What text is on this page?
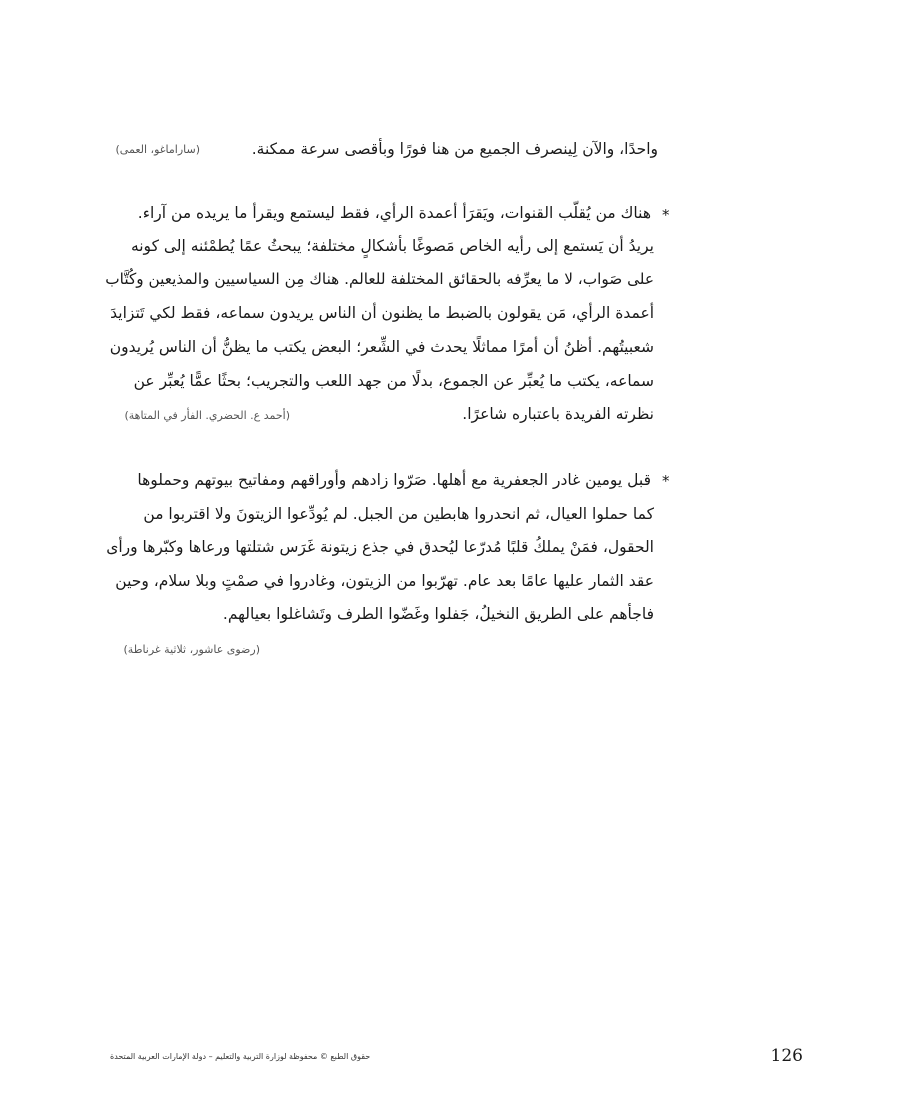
واحدًا، والآن لِينصرف الجميع من هنا فورًا وبأقصى سرعة ممكنة.
(ساراماغو، العمى)
*
هناك من يُقلّب القنوات، ويَقرَأ أعمدة الرأي، فقط ليستمع ويقرأ ما يريده من آراء.
يريدُ أن يَستمع إلى رأيه الخاص مَصوغًا بأشكالٍ مختلفة؛ يبحثُ عمًا يُطمْئنه إلى كونه
على صَواب، لا ما يعرِّفه بالحقائق المختلفة للعالم. هناك مِن السياسيين والمذيعين وكُتَّاب
أعمدة الرأي، مَن يقولون بالضبط ما يظنون أن الناس يريدون سماعه، فقط لكي تَتزايدَ
شعبيتُهم. أظنُ أن أمرًا مماثلًا يحدث في الشِّعر؛ البعض يكتب ما يظنُّ أن الناس يُريدون
سماعه، يكتب ما يُعبِّر عن الجموع، بدلًا من جهد اللعب والتجريب؛ بحثًا عمًّا يُعبِّر عن
نظرته الفريدة باعتباره شاعرًا.
(أحمد ع. الحضري. الفأر في المتاهة)
*
قبل يومين غادر الجعفرية مع أهلها. صَرّوا زادهم وأوراقهم ومفاتيح بيوتهم وحملوها
كما حملوا العيال، ثم انحدروا هابطين من الجبل. لم يُودِّعوا الزيتونَ ولا اقتربوا من
الحقول، فمَنْ يملكُ قلبًا مُدرّعا ليُحدق في جذع زيتونة غَرَس شتلتها ورعاها وكبّرها ورأى
عقد الثمار عليها عامًا بعد عام. تهرّبوا من الزيتون، وغادروا في صمْتٍ وبلا سلام، وحين
فاجأهم على الطريق النخيلُ، جَفلوا وغَضّوا الطرف وتَشاغلوا بعيالهم.
(رضوى عاشور، ثلاثية غرناطة)
حقوق الطبع © محفوظة لوزارة التربية والتعليم – دولة الإمارات العربية المتحدة	126
